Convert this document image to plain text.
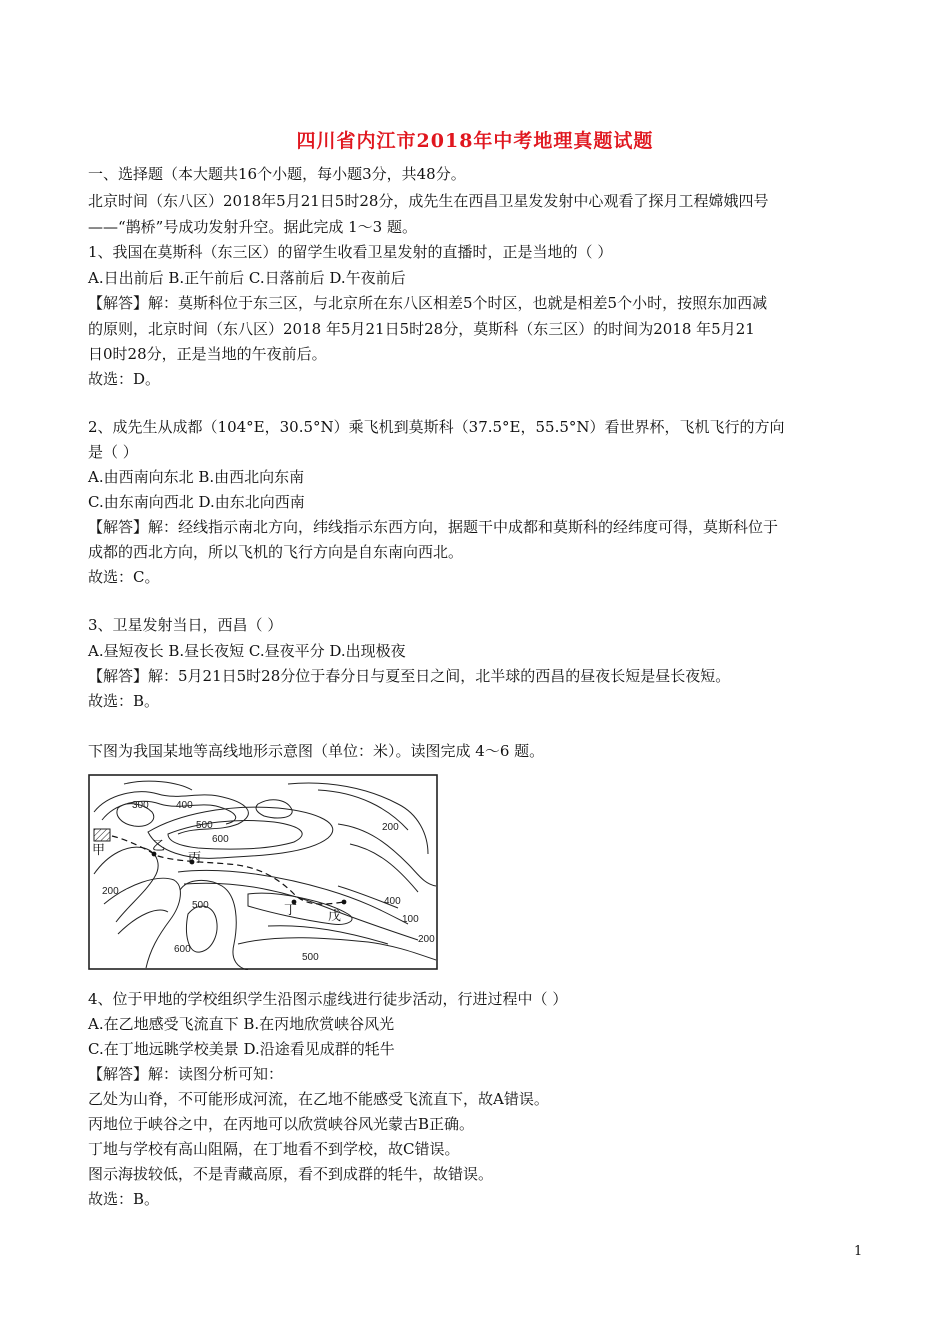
四川省内江市2018年中考地理真题试题
一、选择题（本大题共16个小题，每小题3分，共48分。
北京时间（东八区）2018年5月21日5时28分，成先生在西昌卫星发发射中心观看了探月工程嫦娥四号
——“鹊桥”号成功发射升空。据此完成 1～3 题。
1、我国在莫斯科（东三区）的留学生收看卫星发射的直播时，正是当地的（ ）
A.日出前后 B.正午前后 C.日落前后 D.午夜前后
【解答】解：莫斯科位于东三区，与北京所在东八区相差5个时区，也就是相差5个小时，按照东加西减
的原则，北京时间（东八区）2018 年5月21日5时28分，莫斯科（东三区）的时间为2018 年5月21
日0时28分，正是当地的午夜前后。
故选：D。
2、成先生从成都（104°E，30.5°N）乘飞机到莫斯科（37.5°E，55.5°N）看世界杯，飞机飞行的方向
是（ ）
A.由西南向东北 B.由西北向东南
C.由东南向西北 D.由东北向西南
【解答】解：经线指示南北方向，纬线指示东西方向，据题干中成都和莫斯科的经纬度可得，莫斯科位于
成都的西北方向，所以飞机的飞行方向是自东南向西北。
故选：C。
3、卫星发射当日，西昌（ ）
A.昼短夜长 B.昼长夜短 C.昼夜平分 D.出现极夜
【解答】解：5月21日5时28分位于春分日与夏至日之间，北半球的西昌的昼夜长短是昼长夜短。
故选：B。
下图为我国某地等高线地形示意图（单位：米）。读图完成 4～6 题。
300	400
500
600
200
200
500
600
500
400
100
200
甲	乙
丙
丁 戊
4、位于甲地的学校组织学生沿图示虚线进行徒步活动，行进过程中（ ）
A.在乙地感受飞流直下 B.在丙地欣赏峡谷风光
C.在丁地远眺学校美景 D.沿途看见成群的牦牛
【解答】解：读图分析可知：
乙处为山脊，不可能形成河流，在乙地不能感受飞流直下，故A错误。
丙地位于峡谷之中，在丙地可以欣赏峡谷风光蒙古B正确。
丁地与学校有高山阻隔，在丁地看不到学校，故C错误。
图示海拔较低，不是青藏高原，看不到成群的牦牛，故错误。
故选：B。
1
